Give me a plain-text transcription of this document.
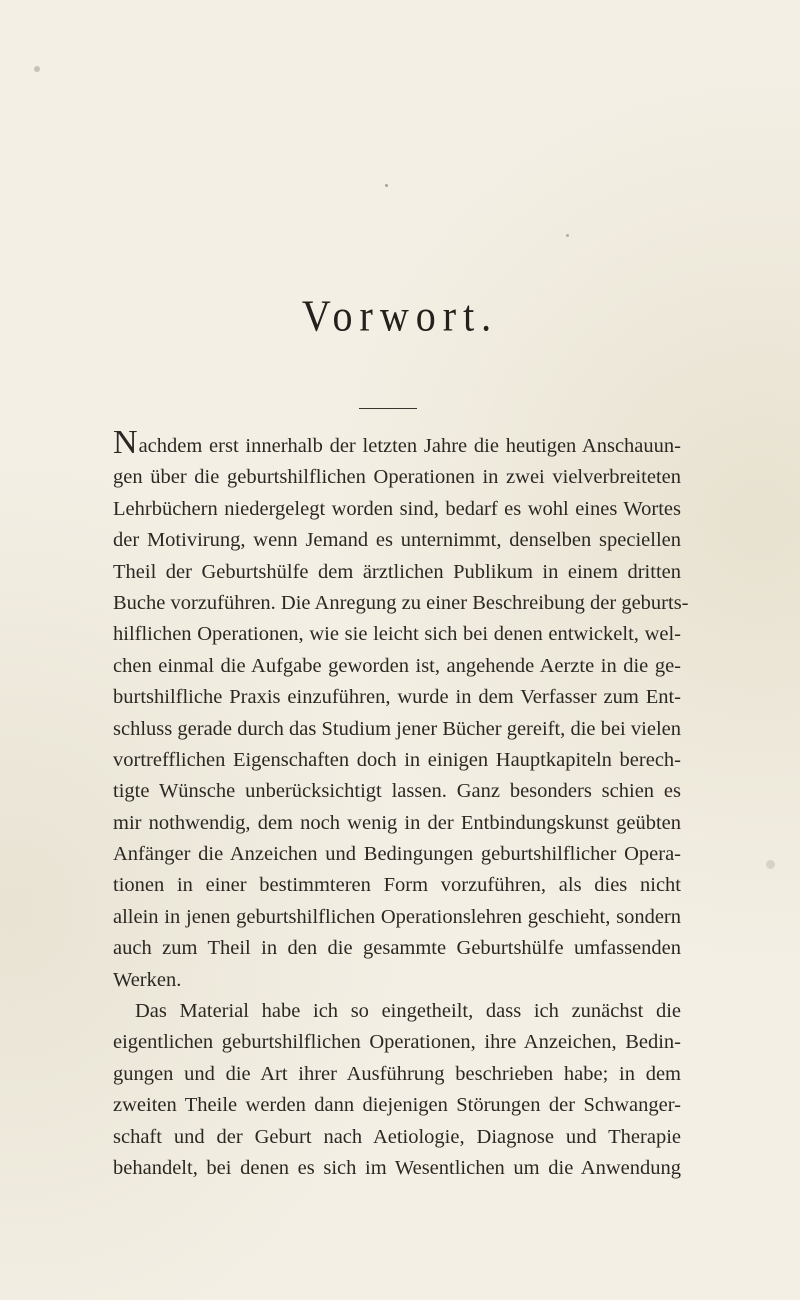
Vorwort.
Nachdem erst innerhalb der letzten Jahre die heutigen Anschauun-
gen über die geburtshilflichen Operationen in zwei vielverbreiteten
Lehrbüchern niedergelegt worden sind, bedarf es wohl eines Wortes
der Motivirung, wenn Jemand es unternimmt, denselben speciellen
Theil der Geburtshülfe dem ärztlichen Publikum in einem dritten
Buche vorzuführen. Die Anregung zu einer Beschreibung der geburts-
hilflichen Operationen, wie sie leicht sich bei denen entwickelt, wel-
chen einmal die Aufgabe geworden ist, angehende Aerzte in die ge-
burtshilfliche Praxis einzuführen, wurde in dem Verfasser zum Ent-
schluss gerade durch das Studium jener Bücher gereift, die bei vielen
vortrefflichen Eigenschaften doch in einigen Hauptkapiteln berech-
tigte Wünsche unberücksichtigt lassen. Ganz besonders schien es
mir nothwendig, dem noch wenig in der Entbindungskunst geübten
Anfänger die Anzeichen und Bedingungen geburtshilflicher Opera-
tionen in einer bestimmteren Form vorzuführen, als dies nicht
allein in jenen geburtshilflichen Operationslehren geschieht, sondern
auch zum Theil in den die gesammte Geburtshülfe umfassenden
Werken.
Das Material habe ich so eingetheilt, dass ich zunächst die
eigentlichen geburtshilflichen Operationen, ihre Anzeichen, Bedin-
gungen und die Art ihrer Ausführung beschrieben habe; in dem
zweiten Theile werden dann diejenigen Störungen der Schwanger-
schaft und der Geburt nach Aetiologie, Diagnose und Therapie
behandelt, bei denen es sich im Wesentlichen um die Anwendung
